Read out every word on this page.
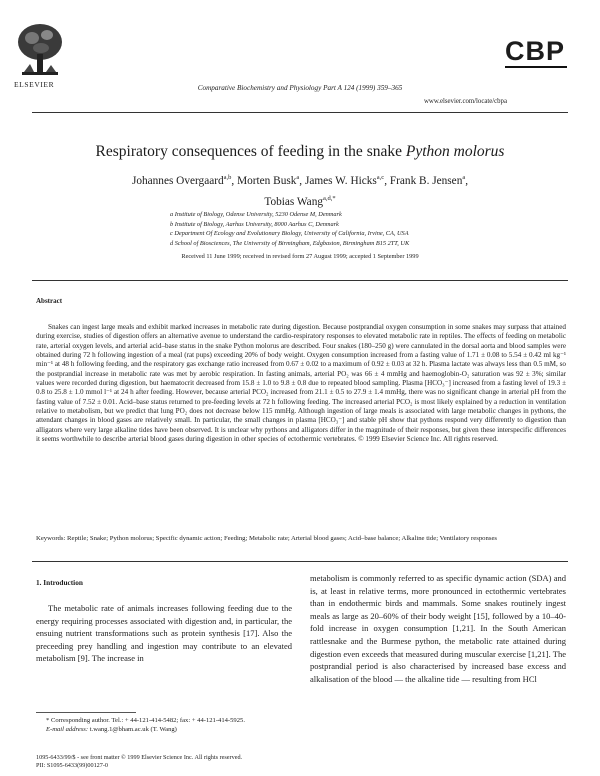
ELSEVIER	Comparative Biochemistry and Physiology Part A 124 (1999) 359–365
CBP
www.elsevier.com/locate/cbpa
Respiratory consequences of feeding in the snake Python molorus
Johannes Overgaard$^{a,b}$, Morten Busk$^a$, James W. Hicks$^{a,c}$, Frank B. Jensen$^a$,
Tobias Wang$^{a,d,*}$
a Institute of Biology, Odense University, 5230 Odense M, Denmark
b Institute of Biology, Aarhus University, 8000 Aarhus C, Denmark
c Department Of Ecology and Evolutionary Biology, University of California, Irvine, CA, USA
d School of Biosciences, The University of Birmingham, Edgbaston, Birmingham B15 2TT, UK
Received 11 June 1999; received in revised form 27 August 1999; accepted 1 September 1999
Abstract
Snakes can ingest large meals and exhibit marked increases in metabolic rate during digestion. Because postprandial oxygen consumption in some snakes may surpass that attained during exercise, studies of digestion offers an alternative avenue to understand the cardio-respiratory responses to elevated metabolic rate in reptiles. The effects of feeding on metabolic rate, arterial oxygen levels, and arterial acid–base status in the snake Python molorus are described. Four snakes (180–250 g) were cannulated in the dorsal aorta and blood samples were obtained during 72 h following ingestion of a meal (rat pups) exceeding 20% of body weight. Oxygen consumption increased from a fasting value of 1.71 ± 0.08 to 5.54 ± 0.42 ml kg⁻¹ min⁻¹ at 48 h following feeding, and the respiratory gas exchange ratio increased from 0.67 ± 0.02 to a maximum of 0.92 ± 0.03 at 32 h. Plasma lactate was always less than 0.5 mM, so the postprandial increase in metabolic rate was met by aerobic respiration. In fasting animals, arterial PO₂ was 66 ± 4 mmHg and haemoglobin-O₂ saturation was 92 ± 3%; similar values were recorded during digestion, but haematocrit decreased from 15.8 ± 1.0 to 9.8 ± 0.8 due to repeated blood sampling. Plasma [HCO₃⁻] increased from a fasting level of 19.3 ± 0.8 to 25.8 ± 1.0 mmol l⁻¹ at 24 h after feeding. However, because arterial PCO₂ increased from 21.1 ± 0.5 to 27.9 ± 1.4 mmHg, there was no significant change in arterial pH from the fasting value of 7.52 ± 0.01. Acid–base status returned to pre-feeding levels at 72 h following feeding. The increased arterial PCO₂ is most likely explained by a reduction in ventilation relative to metabolism, but we predict that lung PO₂ does not decrease below 115 mmHg. Although ingestion of large meals is associated with large metabolic changes in pythons, the attendant changes in blood gases are relatively small. In particular, the small changes in plasma [HCO₃⁻] and stable pH show that pythons respond very differently to digestion than alligators where very large alkaline tides have been observed. It is unclear why pythons and alligators differ in the magnitude of their responses, but given these interspecific differences it seems worthwhile to describe arterial blood gases during digestion in other species of ectothermic vertebrates. © 1999 Elsevier Science Inc. All rights reserved.
Keywords: Reptile; Snake; Python molorus; Specific dynamic action; Feeding; Metabolic rate; Arterial blood gases; Acid–base balance; Alkaline tide; Ventilatory responses
1. Introduction
The metabolic rate of animals increases following feeding due to the energy requiring processes associated with digestion and, in particular, the ensuing nutrient transformations such as protein synthesis [17]. Also the preceeding prey handling and ingestion may contribute to an elevated metabolism [9]. The increase in
metabolism is commonly referred to as specific dynamic action (SDA) and is, at least in relative terms, more pronounced in ectothermic vertebrates than in endothermic birds and mammals. Some snakes routinely ingest meals as large as 20–60% of their body weight [15], followed by a 10–40-fold increase in oxygen consumption [1,21]. In the South American rattlesnake and the Burmese python, the metabolic rate attained during digestion even exceeds that measured during muscular exercise [1,21]. The postprandial period is also characterised by increased base excess and alkalisation of the blood — the alkaline tide — resulting from HCl
* Corresponding author. Tel.: + 44-121-414-5482; fax: + 44-121-414-5925.
E-mail address: t.wang.1@bham.ac.uk (T. Wang)
1095-6433/99/$ - see front matter © 1999 Elsevier Science Inc. All rights reserved.
PII: S1095-6433(99)00127-0
